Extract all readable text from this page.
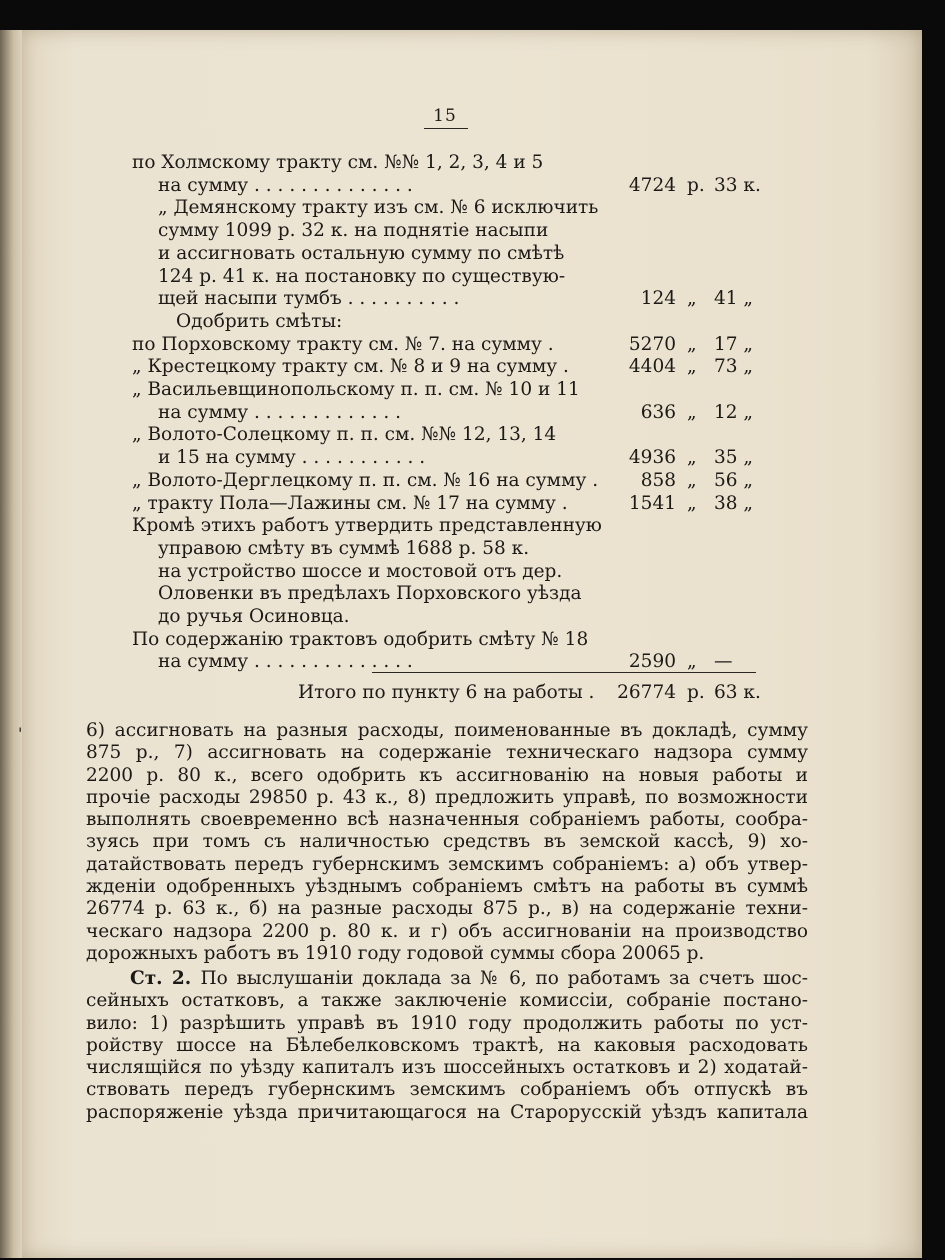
15
по Холмскому тракту см. №№ 1, 2, 3, 4 и 5
на сумму . . . . . . . . . . . . . .	4724 р. 33 к.
„ Демянскому тракту изъ см. № 6 исключить
сумму 1099 р. 32 к. на поднятіе насыпи
и ассигновать остальную сумму по смѣтѣ
124 р. 41 к. на постановку по существую-
щей насыпи тумбъ . . . . . . . . . .	124 „ 41 „
Одобрить смѣты:
по Порховскому тракту см. № 7. на сумму .	5270 „ 17 „
„ Крестецкому тракту см. № 8 и 9 на сумму .	4404 „ 73 „
„ Васильевщинопольскому п. п. см. № 10 и 11
на сумму . . . . . . . . . . . . .	636 „ 12 „
„ Волото-Солецкому п. п. см. №№ 12, 13, 14
и 15 на сумму . . . . . . . . . . .	4936 „ 35 „
„ Волото-Дерглецкому п. п. см. № 16 на сумму .	858 „ 56 „
„ тракту Пола—Лажины см. № 17 на сумму .	1541 „ 38 „
Кромѣ этихъ работъ утвердить представленную
управою смѣту въ суммѣ 1688 р. 58 к.
на устройство шоссе и мостовой отъ дер.
Оловенки въ предѣлахъ Порховского уѣзда
до ручья Осиновца.
По содержанію трактовъ одобрить смѣту № 18
на сумму . . . . . . . . . . . . . .	2590 „ —
Итого по пункту 6 на работы .	26774 р. 63 к.
'	6) ассигновать на разныя расходы, поименованные въ докладѣ, сумму
875 р., 7) ассигновать на содержаніе техническаго надзора сумму
2200 р. 80 к., всего одобрить къ ассигнованію на новыя работы и
прочіе расходы 29850 р. 43 к., 8) предложить управѣ, по возможности
выполнять своевременно всѣ назначенныя собраніемъ работы, сообра-
зуясь при томъ съ наличностью средствъ въ земской кассѣ, 9) хо-
датайствовать передъ губернскимъ земскимъ собраніемъ: а) объ утвер-
жденіи одобренныхъ уѣзднымъ собраніемъ смѣтъ на работы въ суммѣ
26774 р. 63 к., б) на разные расходы 875 р., в) на содержаніе техни-
ческаго надзора 2200 р. 80 к. и г) объ ассигнованіи на производство
дорожныхъ работъ въ 1910 году годовой суммы сбора 20065 р.
Ст. 2. По выслушаніи доклада за № 6, по работамъ за счетъ шос-
сейныхъ остатковъ, а также заключеніе комиссіи, собраніе постано-
вило: 1) разрѣшить управѣ въ 1910 году продолжить работы по уст-
ройству шоссе на Бѣлебелковскомъ трактѣ, на каковыя расходовать
числящійся по уѣзду капиталъ изъ шоссейныхъ остатковъ и 2) ходатай-
ствовать передъ губернскимъ земскимъ собраніемъ объ отпускѣ въ
распоряженіе уѣзда причитающагося на Старорусскій уѣздъ капитала
